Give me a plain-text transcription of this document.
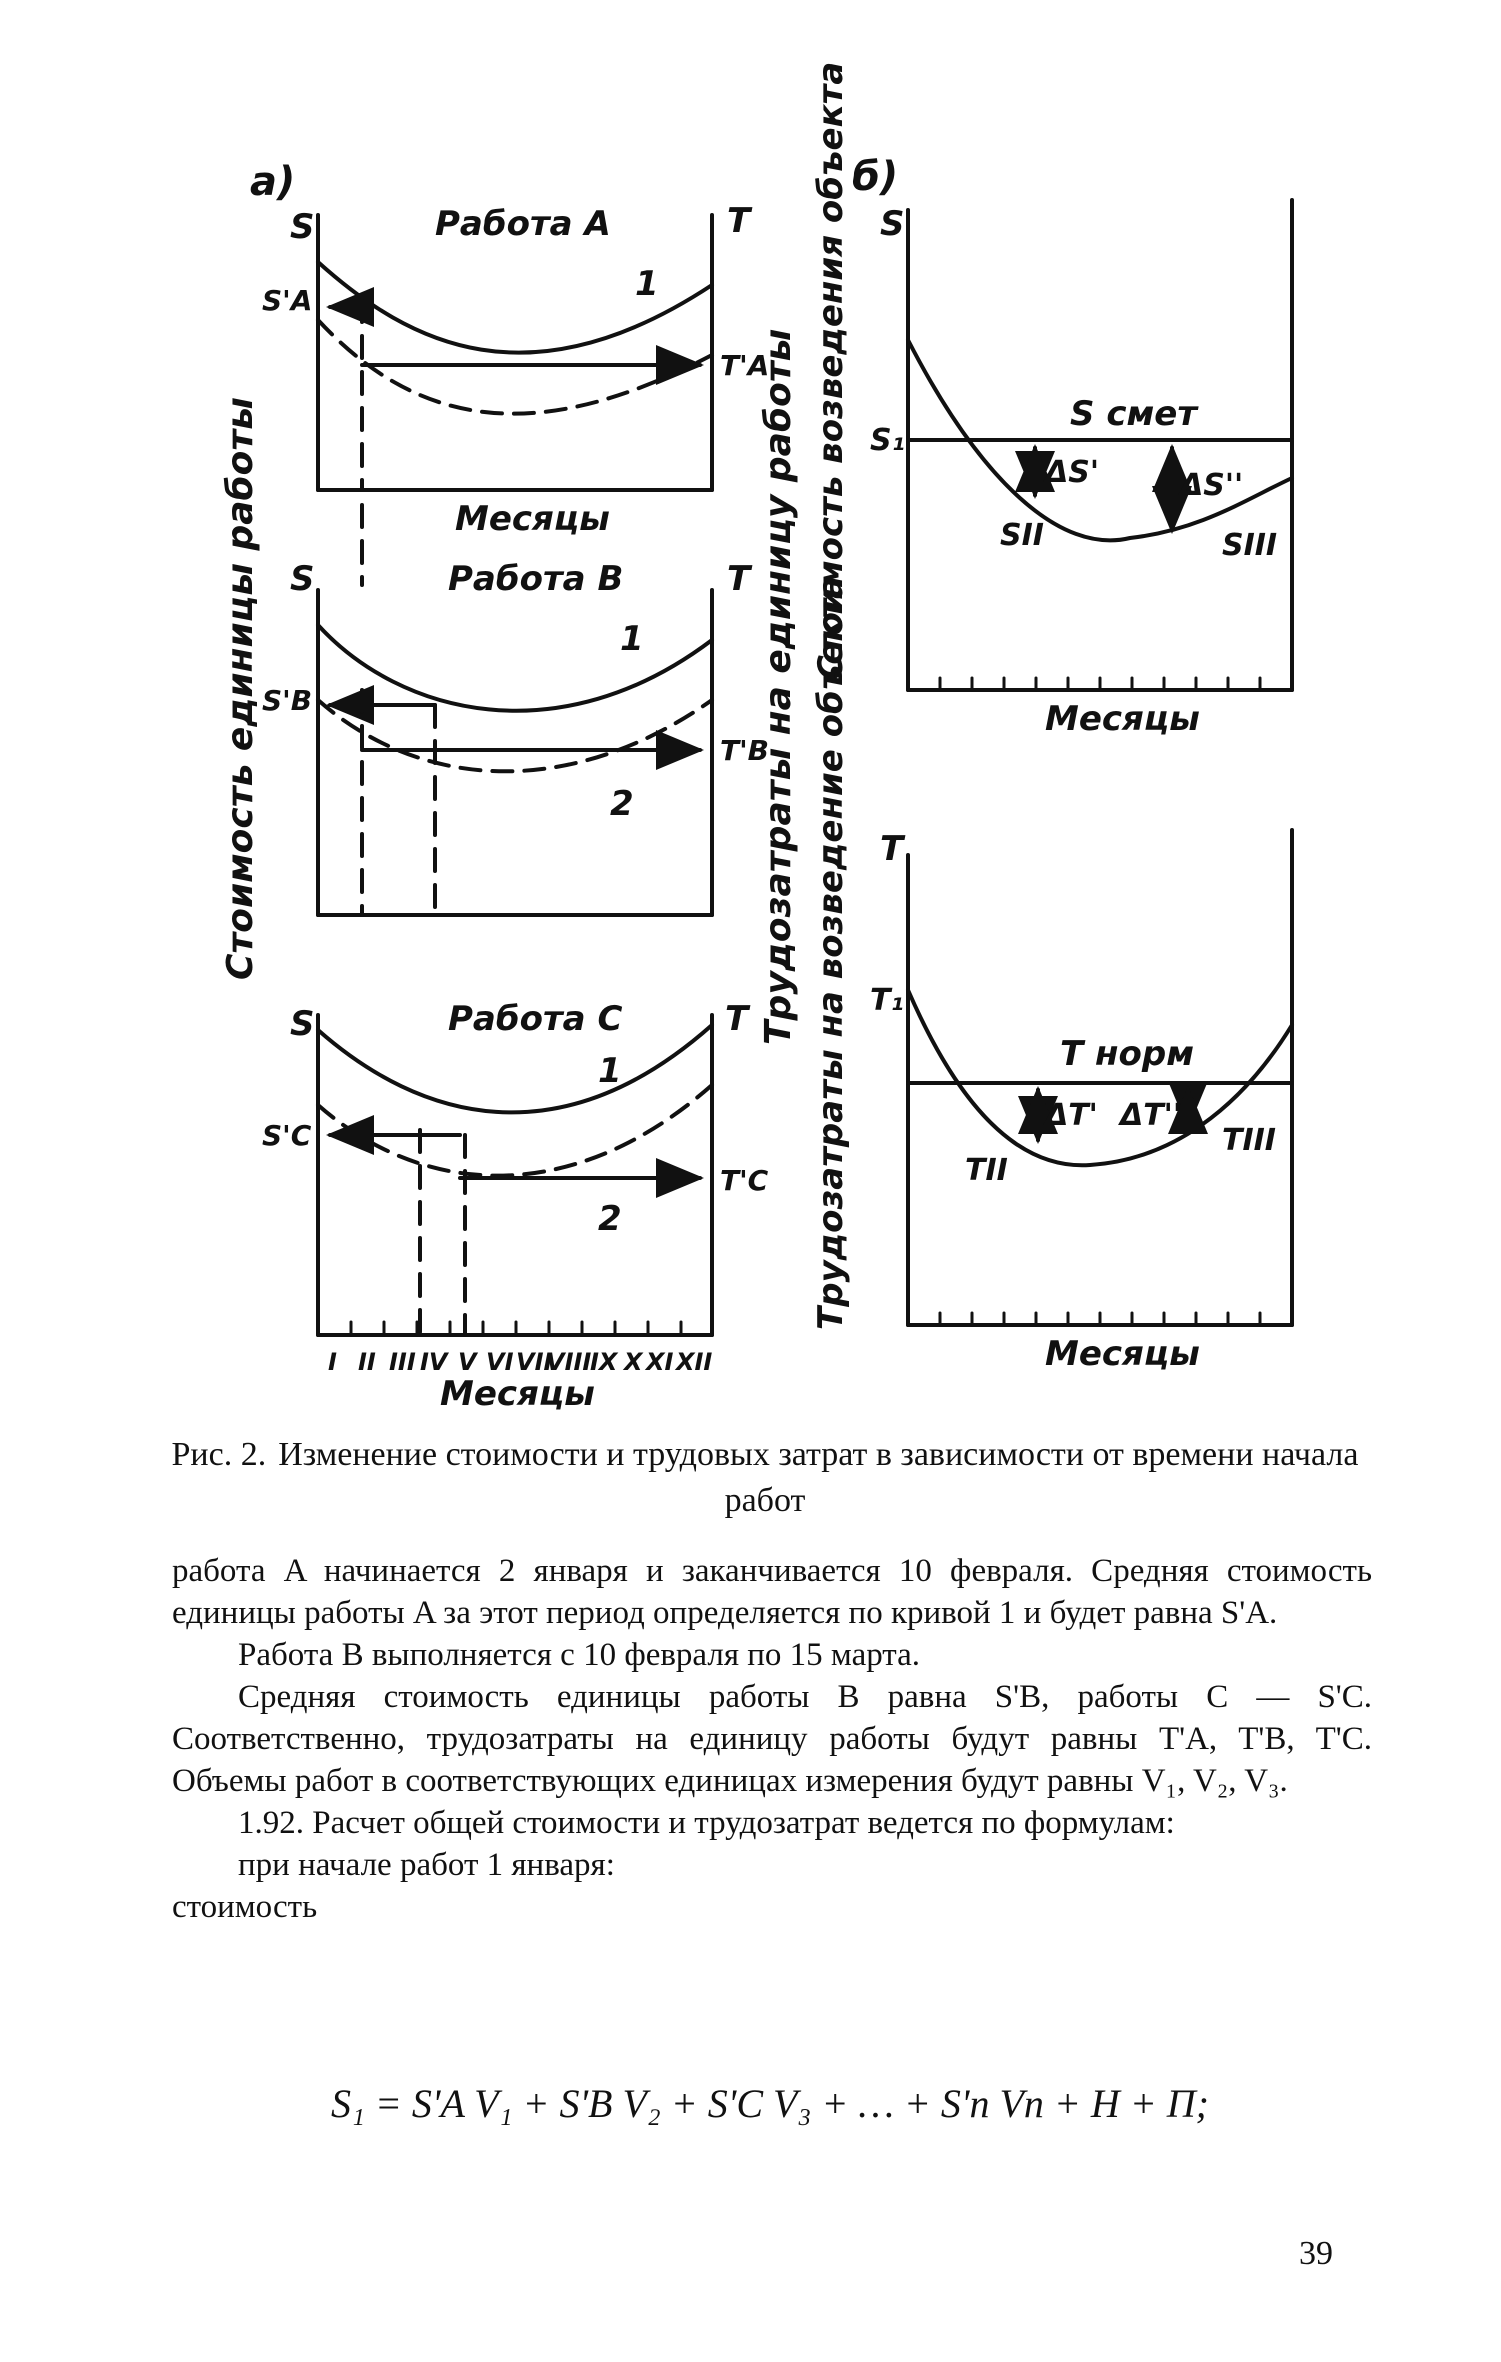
а)	б)
Работа А
S	T
S'A
T'A
1
Месяцы
Работа В
S	T
S'B
T'B
1
2
Работа С
S	T
S'C
T'C
1
2
I II III IV V VI VII
VIII
IX X XI XII
Месяцы
Стоимость единицы работы	Трудозатраты на единицу работы Стоимость возведения объекта S
S₁
S смет
ΔS'	ΔS''
SII	SIII
Месяцы
Трудозатраты на возведение объекта T
T₁
T норм
ΔT' ΔT''
TII
TIII
Месяцы
Рис. 2. Изменение стоимости и трудовых затрат в зависимости от времени начала работ

работа A начинается 2 января и заканчивается 10 февраля. Средняя стоимость единицы работы A за этот период определяется по кривой 1 и будет равна S'A.

Работа B выполняется с 10 февраля по 15 марта.

Средняя стоимость единицы работы B равна S'B, работы C — S'C. Соответственно, трудозатраты на единицу работы будут равны T'A, T'B, T'C. Объемы работ в соответствующих единицах измерения будут равны V₁, V₂, V₃.

1.92. Расчет общей стоимости и трудозатрат ведется по формулам:

при начале работ 1 января:

стоимость

S₁ = S'A V₁ + S'B V₂ + S'C V₃ + … + S'n Vn + H + П;
39
